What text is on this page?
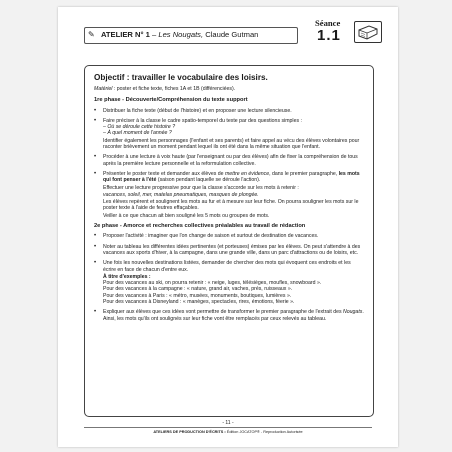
✎ ATELIER N° 1 – Les Nougats, Claude Gutman
Séance
1.1
Objectif : travailler le vocabulaire des loisirs.
Matériel : poster et fiche texte, fiches 1A et 1B (différenciées).
1re phase - Découverte/Compréhension du texte support
• Distribuer la fiche texte (début de l'histoire) et en proposer une lecture silencieuse.
• Faire préciser à la classe le cadre spatio-temporel du texte par des questions simples :
– Où se déroule cette histoire ?
– À quel moment de l'année ?
Identifier également les personnages (l'enfant et ses parents) et faire appel au vécu des élèves volontaires pour raconter brièvement un moment pendant lequel ils ont été dans la même situation que l'enfant.
• Procéder à une lecture à voix haute (par l'enseignant ou par des élèves) afin de fixer la compréhension de tous après la première lecture personnelle et la reformulation collective.
• Présenter le poster texte et demander aux élèves de mettre en évidence, dans le premier paragraphe, les mots qui font penser à l'été (saison pendant laquelle se déroule l'action).
Effectuer une lecture progressive pour que la classe s'accorde sur les mots à retenir :
vacances, soleil, mer, matelas pneumatiques, masques de plongée.
Les élèves repèrent et soulignent les mots au fur et à mesure sur leur fiche. On pourra souligner les mots sur le poster texte à l'aide de feutres effaçables.
Veiller à ce que chacun ait bien souligné les 5 mots ou groupes de mots.
2e phase - Amorce et recherches collectives préalables au travail de rédaction
• Proposer l'activité : imaginer que l'on change de saison et surtout de destination de vacances.
• Noter au tableau les différentes idées pertinentes (et porteuses) émises par les élèves. On peut s'attendre à des vacances aux sports d'hiver, à la campagne, dans une grande ville, dans un parc d'attractions ou de loisirs, etc.
• Une fois les nouvelles destinations listées, demander de chercher des mots qui évoquent ces endroits et les écrire en face de chacun d'entre eux.
À titre d'exemples :
Pour des vacances au ski, on pourra retenir : « neige, luges, télésièges, moufles, snowboard ».
Pour des vacances à la campagne : « nature, grand air, vaches, prés, ruisseaux ».
Pour des vacances à Paris : « métro, musées, monuments, boutiques, lumières ».
Pour des vacances à Disneyland : « manèges, spectacles, rires, émotions, féerie ».
• Expliquer aux élèves que ces idées vont permettre de transformer le premier paragraphe de l'extrait des Nougats.
Ainsi, les mots qu'ils ont soulignés sur leur fiche vont être remplacés par ceux relevés au tableau.
- 11 -
ATELIERS DE PRODUCTION D'ÉCRITS • Édition JOCATOP® - Reproduction Autorisée
